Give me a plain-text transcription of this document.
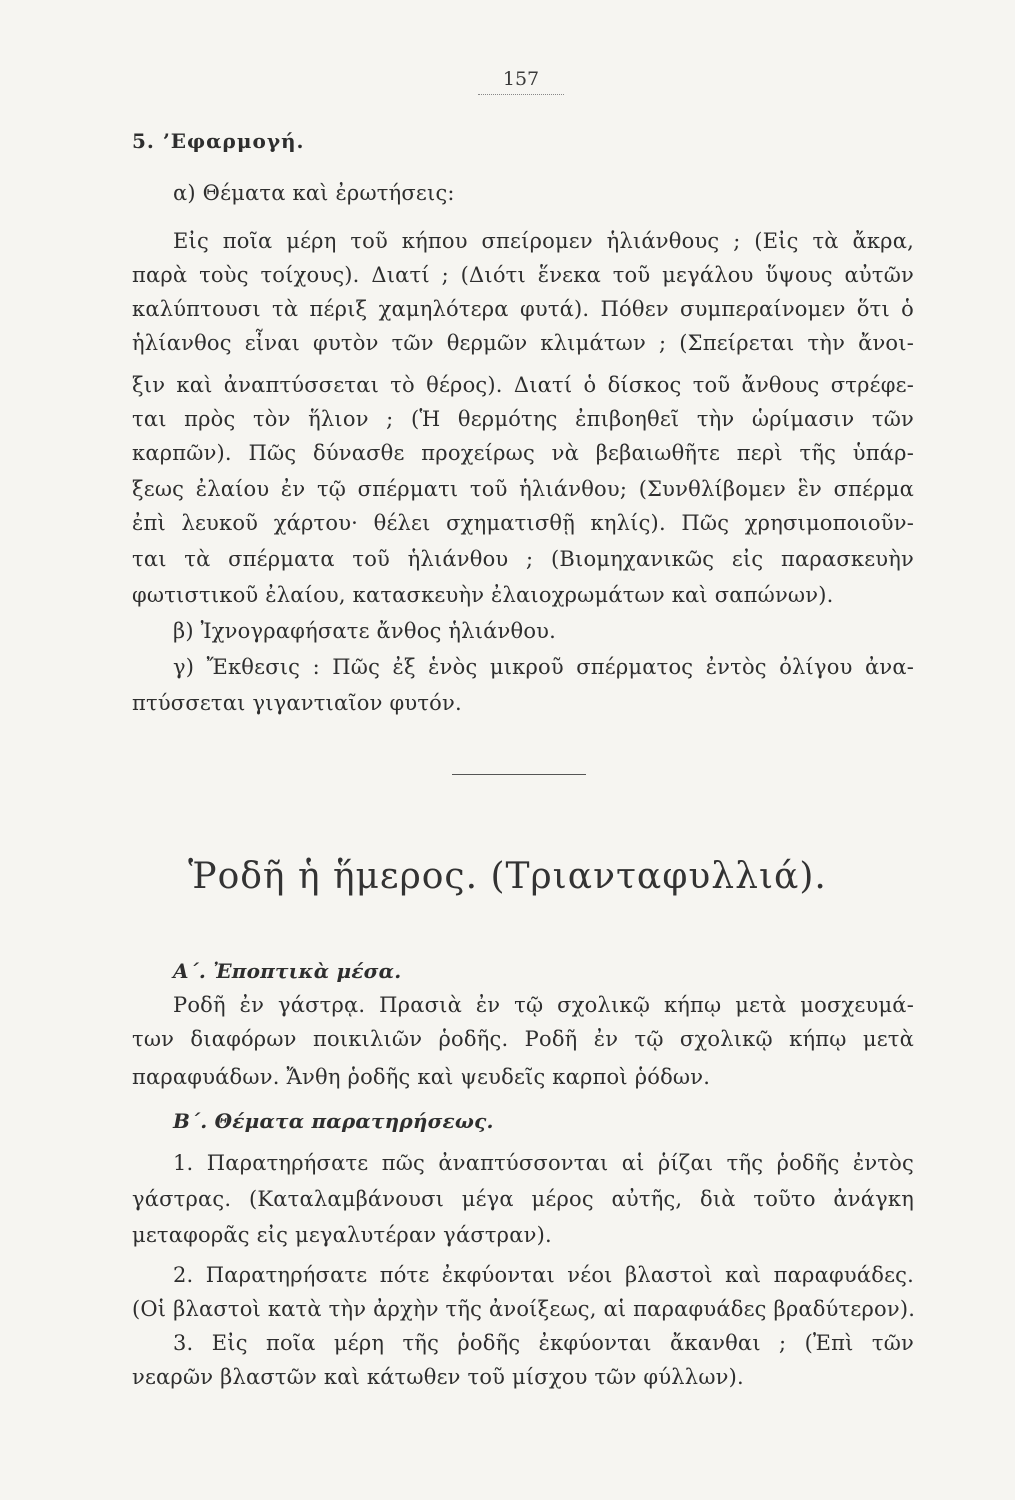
157
5. ’Εφαρμογή.
α) Θέματα καὶ ἐρωτήσεις:
Εἰς ποῖα μέρη τοῦ κήπου σπείρομεν ἡλιάνθους ; (Εἰς τὰ ἄκρα,
παρὰ τοὺς τοίχους). Διατί ; (Διότι ἕνεκα τοῦ μεγάλου ὕψους αὐτῶν
καλύπτουσι τὰ πέριξ χαμηλότερα φυτά). Πόθεν συμπεραίνομεν ὅτι ὁ
ἡλίανθος εἶναι φυτὸν τῶν θερμῶν κλιμάτων ; (Σπείρεται τὴν ἄνοι-
ξιν καὶ ἀναπτύσσεται τὸ θέρος). Διατί ὁ δίσκος τοῦ ἄνθους στρέφε-
ται πρὸς τὸν ἥλιον ; (Ἡ θερμότης ἐπιβοηθεῖ τὴν ὡρίμασιν τῶν
καρπῶν). Πῶς δύνασθε προχείρως νὰ βεβαιωθῆτε περὶ τῆς ὑπάρ-
ξεως ἐλαίου ἐν τῷ σπέρματι τοῦ ἡλιάνθου; (Συνθλίβομεν ἓν σπέρμα
ἐπὶ λευκοῦ χάρτου· θέλει σχηματισθῇ κηλίς). Πῶς χρησιμοποιοῦν-
ται τὰ σπέρματα τοῦ ἡλιάνθου ; (Βιομηχανικῶς εἰς παρασκευὴν
φωτιστικοῦ ἐλαίου, κατασκευὴν ἐλαιοχρωμάτων καὶ σαπώνων).
β) Ἰχνογραφήσατε ἄνθος ἡλιάνθου.
γ) Ἔκθεσις : Πῶς ἐξ ἑνὸς μικροῦ σπέρματος ἐντὸς ὀλίγου ἀνα-
πτύσσεται γιγαντιαῖον φυτόν.
Ῥοδῆ ἡ ἥμερος. (Τριανταφυλλιά).
Α΄. Ἐποπτικὰ μέσα.
Ροδῆ ἐν γάστρᾳ. Πρασιὰ ἐν τῷ σχολικῷ κήπῳ μετὰ μοσχευμά-
των διαφόρων ποικιλιῶν ῥοδῆς. Ροδῆ ἐν τῷ σχολικῷ κήπῳ μετὰ
παραφυάδων. Ἄνθη ῥοδῆς καὶ ψευδεῖς καρποὶ ῥόδων.
Β΄. Θέματα παρατηρήσεως.
1. Παρατηρήσατε πῶς ἀναπτύσσονται αἱ ῥίζαι τῆς ῥοδῆς ἐντὸς
γάστρας. (Καταλαμβάνουσι μέγα μέρος αὐτῆς, διὰ τοῦτο ἀνάγκη
μεταφορᾶς εἰς μεγαλυτέραν γάστραν).
2. Παρατηρήσατε πότε ἐκφύονται νέοι βλαστοὶ καὶ παραφυάδες.
(Οἱ βλαστοὶ κατὰ τὴν ἀρχὴν τῆς ἀνοίξεως, αἱ παραφυάδες βραδύτερον).
3. Εἰς ποῖα μέρη τῆς ῥοδῆς ἐκφύονται ἄκανθαι ; (Ἐπὶ τῶν
νεαρῶν βλαστῶν καὶ κάτωθεν τοῦ μίσχου τῶν φύλλων).
